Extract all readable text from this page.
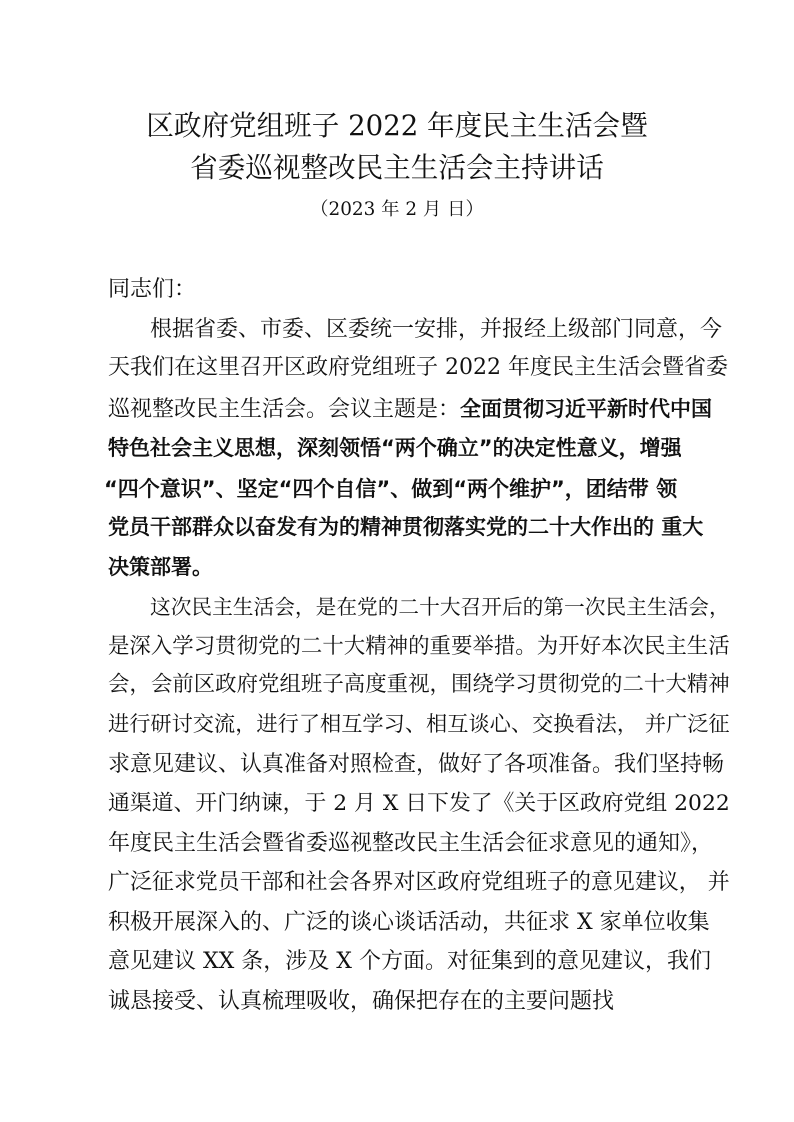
区政府党组班子 2022 年度民主生活会暨
省委巡视整改民主生活会主持讲话
（2023 年 2 月 日）
同志们：
根据省委、市委、区委统一安排，并报经上级部门同意，今
天我们在这里召开区政府党组班子 2022 年度民主生活会暨省委
巡视整改民主生活会。会议主题是：全面贯彻习近平新时代中国
特色社会主义思想，深刻领悟“两个确立”的决定性意义，增强
“四个意识”、坚定“四个自信”、做到“两个维护”，团结带 领
党员干部群众以奋发有为的精神贯彻落实党的二十大作出的 重大
决策部署。
这次民主生活会，是在党的二十大召开后的第一次民主生活会，
是深入学习贯彻党的二十大精神的重要举措。为开好本次民主生活
会，会前区政府党组班子高度重视，围绕学习贯彻党的二十大精神
进行研讨交流，进行了相互学习、相互谈心、交换看法， 并广泛征
求意见建议、认真准备对照检查，做好了各项准备。我们坚持畅
通渠道、开门纳谏，于 2 月 X 日下发了《关于区政府党组 2022
年度民主生活会暨省委巡视整改民主生活会征求意见的通知》，
广泛征求党员干部和社会各界对区政府党组班子的意见建议， 并
积极开展深入的、广泛的谈心谈话活动，共征求 X 家单位收集
意见建议 XX 条，涉及 X 个方面。对征集到的意见建议，我们
诚恳接受、认真梳理吸收，确保把存在的主要问题找
